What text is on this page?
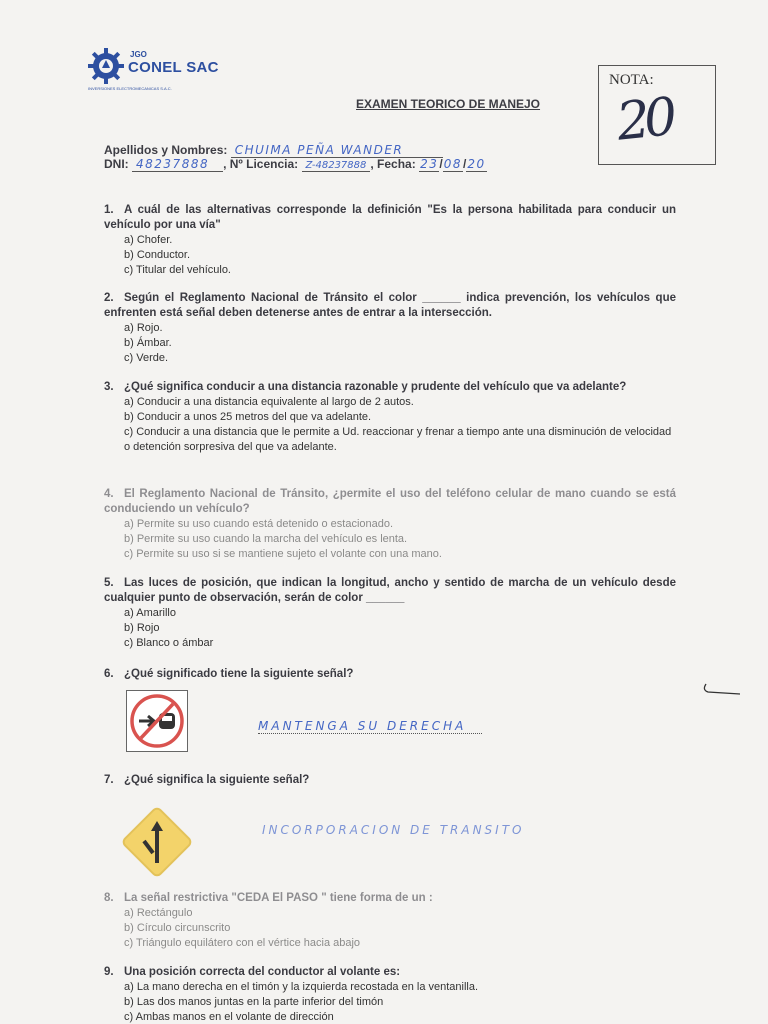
JGO
CONEL SAC
INVERSIONES ELECTROMECANICAS S.A.C.
NOTA:
20
EXAMEN TEORICO DE MANEJO
Apellidos y Nombres: CHUIMA PEÑA WANDER
DNI: 48237888 , Nº Licencia: Z-48237888 , Fecha: 23/08/20
1. A cuál de las alternativas corresponde la definición "Es la persona habilitada para conducir un vehículo por una vía"
a) Chofer.
b) Conductor.
c) Titular del vehículo.
2. Según el Reglamento Nacional de Tránsito el color ______ indica prevención, los vehículos que enfrenten está señal deben detenerse antes de entrar a la intersección.
a) Rojo.
b) Ámbar.
c) Verde.
3. ¿Qué significa conducir a una distancia razonable y prudente del vehículo que va adelante?
a) Conducir a una distancia equivalente al largo de 2 autos.
b) Conducir a unos 25 metros del que va adelante.
c) Conducir a una distancia que le permite a Ud. reaccionar y frenar a tiempo ante una disminución de velocidad o detención sorpresiva del que va adelante.
4. El Reglamento Nacional de Tránsito, ¿permite el uso del teléfono celular de mano cuando se está conduciendo un vehículo?
a) Permite su uso cuando está detenido o estacionado.
b) Permite su uso cuando la marcha del vehículo es lenta.
c) Permite su uso si se mantiene sujeto el volante con una mano.
5. Las luces de posición, que indican la longitud, ancho y sentido de marcha de un vehículo desde cualquier punto de observación, serán de color ______
a) Amarillo
b) Rojo
c) Blanco o ámbar
6. ¿Qué significado tiene la siguiente señal?
MANTENGA SU DERECHA
7. ¿Qué significa la siguiente señal?
INCORPORACION DE TRANSITO
8. La señal restrictiva "CEDA El PASO " tiene forma de un :
a) Rectángulo
b) Círculo circunscrito
c) Triángulo equilátero con el vértice hacia abajo
9. Una posición correcta del conductor al volante es:
a) La mano derecha en el timón y la izquierda recostada en la ventanilla.
b) Las dos manos juntas en la parte inferior del timón
c) Ambas manos en el volante de dirección
